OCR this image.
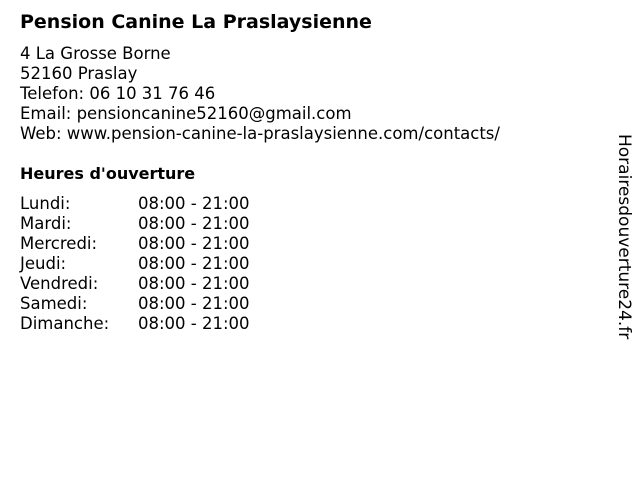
Pension Canine La Praslaysienne
4 La Grosse Borne
52160 Praslay
Telefon: 06 10 31 76 46
Email: pensioncanine52160@gmail.com
Web: www.pension-canine-la-praslaysienne.com/contacts/
Heures d'ouverture
Lundi:	08:00 - 21:00
Mardi:	08:00 - 21:00
Mercredi: 08:00 - 21:00
Jeudi:	08:00 - 21:00
Vendredi: 08:00 - 21:00
Samedi:	08:00 - 21:00
Dimanche: 08:00 - 21:00	Horairesdouverture24.fr
